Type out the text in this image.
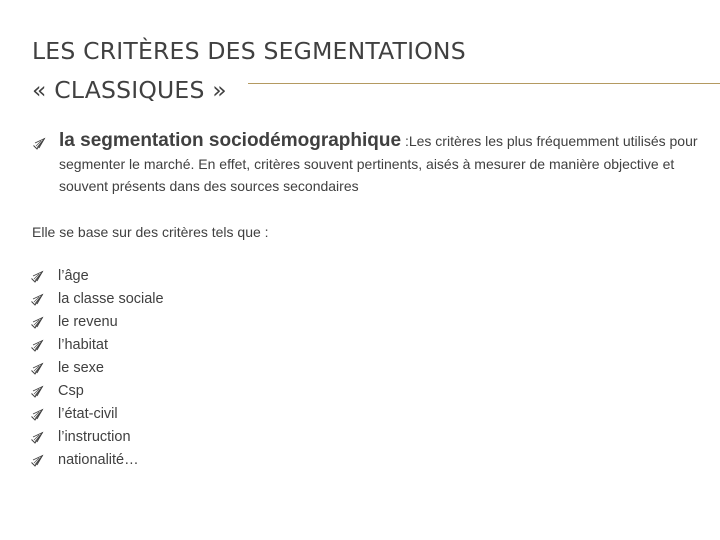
LES CRITÈRES DES SEGMENTATIONS
« CLASSIQUES »
la segmentation sociodémographique :Les critères les plus fréquemment utilisés pour segmenter le marché. En effet, critères souvent pertinents, aisés à mesurer de manière objective et souvent présents dans des sources secondaires
Elle se base sur des critères tels que :
l’âge
la classe sociale
le revenu
l’habitat
le sexe
Csp
l’état-civil
l’instruction
nationalité…
